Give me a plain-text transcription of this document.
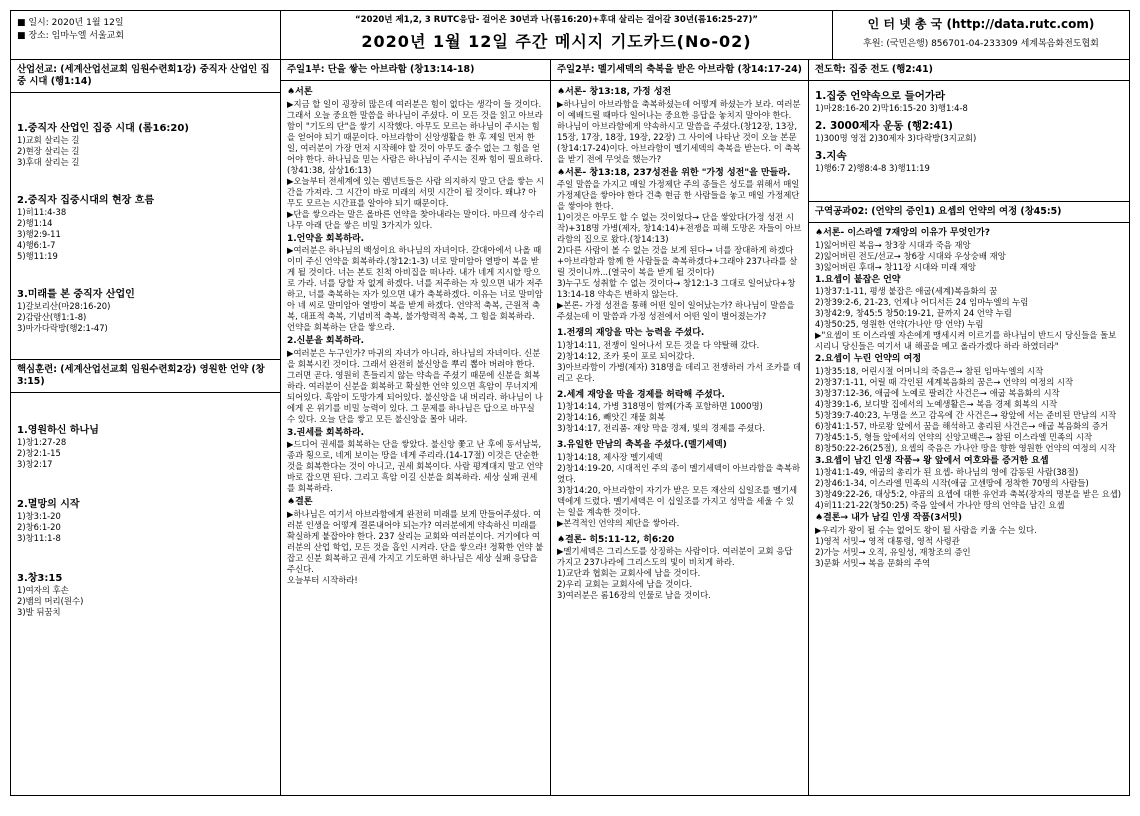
■ 일시: 2020년 1월 12일
■ 장소: 임마누엘 서울교회
“2020년 제1,2, 3 RUTC응답- 걸어온 30년과 나(롬16:20)+후대 살리는 걸어갈 30년(롬16:25-27)”
2020년 1월 12일 주간 메시지 기도카드(No-02)
인 터 넷 총 국 (http://data.rutc.com)
후원: (국민은행) 856701-04-233309 세계복음화전도협회
산업선교: (세계산업선교회 임원수련회1강) 중직자 산업인 집중 시대 (행1:14)
1.중직자 산업인 집중 시대 (롬16:20)
1)교회 살리는 길
2)현장 살리는 길
3)후대 살리는 길
2.중직자 집중시대의 현장 흐름
1)히11:4-38
2)행1:14
3)행2:9-11
4)행6:1-7
5)행11:19
3.미래를 본 중직자 산업인
1)갈보리산(마28:16-20)
2)감람산(행1:1-8)
3)마가다락방(행2:1-47)
핵심훈련: (세계산업선교회 임원수련회2강) 영원한 언약 (창3:15)
1.영원하신 하나님
1)창1:27-28
2)창2:1-15
3)창2:17
2.멸망의 시작
1)창3:1-20
2)창6:1-20
3)창11:1-8
3.창3:15
1)여자의 후손
2)뱀의 머리(원수)
3)발 뒤꿈치
주일1부: 단을 쌓는 아브라함 (창13:14-18)
♠서론
▶지금 할 일이 굉장히 많은데 여러분은 힘이 없다는 생각이 들 것이다. 그래서 오늘 중요한 말씀을 하나님이 주셨다. 이 모든 것을 읽고 아브라함이 "기도의 단"을 쌓기 시작했다. 아무도 모르는 하나님이 주시는 힘을 얻어야 되기 때문이다. 아브라함이 신앙생활을 한 후 제일 먼저 한 일, 여러분이 가장 먼저 시작해야 할 것이 아무도 줄수 없는 그 힘을 얻어야 한다. 하나님을 믿는 사람은 하나님이 주시는 진짜 힘이 필요하다.(창41:38, 삼상16:13)
▶오늘부터 전세계에 있는 렘넌트들은 사람 의지하지 말고 단을 쌓는 시간을 가져라. 그 시간이 바로 미래의 서밋 시간이 될 것이다. 왜냐? 아무도 모르는 시간표를 알아야 되기 때문이다.
▶단을 쌓으라는 말은 올바른 언약을 찾아내라는 말이다. 마므레 상수리 나무 아래 단을 쌓은 비밀 3가지가 있다.
1.언약을 회복하라.
▶여러분은 하나님의 백성이요 하나님의 자녀이다. 갈대아에서 나올 때 이미 주신 언약을 회복하라.(창12:1-3) 너로 말미암아 열방이 복을 받게 될 것이다. 너는 본토 친척 아비집을 떠나라. 내가 네게 지시할 땅으로 가라. 너를 당할 자 없게 하겠다. 너를 저주하는 자 있으면 내가 저주하고, 너를 축복하는 자가 있으면 내가 축복하겠다. 이유는 너로 말미암아 네 씨로 말미암아 열방이 복을 받게 하겠다. 언약적 축복, 근원적 축복, 대표적 축복, 기념비적 축복, 불가항력적 축복, 그 힘을 회복하라.
언약을 회복하는 단을 쌓으라.
2.신분을 회복하라.
▶여러분은 누구인가? 마귀의 자녀가 아니라, 하나님의 자녀이다. 신분을 회복시킨 것이다. 그래서 완전히 불신앙을 뿌리 뽑아 버려야 한다. 그러면 곧다. 영원히 흔들리지 않는 약속을 주셨기 때문에 신분을 회복하라. 여러분이 신분을 회복하고 확실한 언약 있으면 흑암이 무너지게 되어있다. 흑암이 도망가게 되어있다. 불신앙을 내 버리라. 하나님이 나에게 온 위기를 비밀 능력이 있다. 그 문제를 하나님은 답으로 바꾸실 수 있다. 오늘 단을 쌓고 모든 불신앙을 몰아 내라.
3.권세를 회복하라.
▶드디어 권세를 회복하는 단을 쌓았다. 불신앙 쫓고 난 후에 동서남북, 종과 횡으로, 네게 보이는 땅을 네게 주리라.(14-17절) 이것은 단순한 것을 회복한다는 것이 아니고, 권세 회복이다. 사람 평계대지 말고 언약 바로 잡으면 된다. 그리고 흑암 이길 신분을 회복하라. 세상 실패 권세를 회복하라.
♠결론
▶하나님은 여기서 아브라함에게 완전히 미래를 보게 만들어주셨다. 여러분 인생을 어떻게 결론내어야 되는가? 여러분에게 약속하신 미래를 확실하게 붙잡아야 한다. 237 살리는 교회와 여러분이다. 거기에다 여러분의 산업 학업, 모든 것을 흡인 시켜라. 단을 쌓으라! 정확한 언약 붙잡고 신분 회복하고 권세 가지고 기도하면 하나님은 세상 실패 응답을 주신다.
오늘부터 시작하라!
주일2부: 멜기세덱의 축복을 받은 아브라함 (창14:17-24)
♠서론- 창13:18, 가정 성전
▶하나님이 아브라함을 축복하셨는데 어떻게 하셨는가 보라. 여러분이 예배드릴 때마다 일어나는 중요한 응답을 놓치지 말아야 한다. 하나님이 아브라함에게 약속하시고 말씀을 주셨다.(창12장, 13장, 15장, 17장, 18장, 19장, 22장) 그 사이에 나타난 것이 오늘 본문(창14:17-24)이다. 아브라함이 멜기세덱의 축복을 받는다. 이 축복을 받기 전에 무엇을 했는가?
♠서론- 창13:18, 237성전을 위한 "가정 성전"을 만들라.
주일 말씀을 가지고 매일 가정제단 주의 종들은 성도를 위해서 매일 가정제단을 쌓아야 한다 건축 현금 한 사람들을 놓고 매일 가정제단을 쌓아야 한다.
1)이것은 아무도 할 수 없는 것이었다→ 단을 쌓았다(가정 성전 시작)+318명 가병(제자, 창14:14)+전쟁을 피해 도망온 자들이 아브라함의 집으로 왔다.(창14:13)
2)다른 사람이 볼 수 없는 것을 보게 된다→ 너를 장대하게 하겠다+아브라함과 함께 한 사람들을 축복하겠다+그래야 237나라를 살릴 것이니까...(열국이 복을 받게 될 것이다)
3)누구도 성취할 수 없는 것이다→ 창12:1-3 그대로 일어났다+창13:14-18 약속은 변하지 않는다.
▶본론- 가정 성전을 통해 어떤 일이 일어났는가? 하나님이 말씀을 주셨는데 이 말씀과 가정 성전에서 어떤 일이 벌어졌는가?
1.전쟁의 재앙을 막는 능력을 주셨다.
1)창14:11, 전쟁이 일어나서 모든 것을 다 약탈해 갔다.
2)창14:12, 조카 롯이 포로 되어갔다.
3)아브라함이 가병(제자) 318명을 데리고 전쟁하러 가서 조카를 데리고 온다.
2.세계 재앙을 막을 경제를 허락해 주셨다.
1)창14:14, 가병 318명이 함께(가족 포함하면 1000명)
2)창14:16, 빼앗긴 재물 회복
3)창14:17, 전리품- 재앙 막을 경제, 빛의 경제를 주셨다.
3.유일한 만남의 축복을 주셨다.(멜기세덱)
1)창14:18, 제사장 멜기세덱
2)창14:19-20, 시대적인 주의 종이 멜기세덱이 아브라함을 축복하였다.
3)창14:20, 아브라함이 자기가 받은 모든 재산의 십일조를 멜기세덱에게 드렸다. 멜기세덱은 이 십일조를 가지고 성막을 세울 수 있는 일을 계속한 것이다.
▶본격적인 언약의 제단을 쌓아라.
♠결론- 히5:11-12, 히6:20
▶멜기세덱은 그리스도를 상징하는 사람이다. 여러분이 교회 응답 가지고 237나라에 그리스도의 빛이 비치게 하라.
1)교단과 협회는 교회사에 남을 것이다.
2)우리 교회는 교회사에 남을 것이다.
3)여러분은 롬16장의 인물로 남을 것이다.
전도학: 집중 전도 (행2:41)
1.집중 언약속으로 들어가라
1)마28:16-20 2)막16:15-20 3)행1:4-8
2. 3000제자 운동 (행2:41)
1)300명 영접 2)30제자 3)다락방(3지교회)
3.지속
1)행6:7 2)행8:4-8 3)행11:19
구역공과02: (언약의 증인1) 요셉의 언약의 여정 (창45:5)
♠서론- 이스라엘 7재앙의 이유가 무엇인가?
1)잃어버린 복음→ 창3장 시대과 죽음 재앙
2)잃어버린 전도/선교→ 창6장 시대와 우상숭배 재앙
3)잃어버린 후대→ 창11장 시대와 미래 재앙
1.요셉이 붙잡은 언약
1)창37:1-11, 평생 붙잡은 애굽(세계)복음화의 꿈
2)창39:2-6, 21-23, 언제나 어디서든 24 임마누엘의 누림
3)창42:9, 창45:5 창50:19-21, 끝까지 24 언약 누림
4)창50:25, 영원한 언약(가나안 땅 언약) 누림
▶"요셉이 또 이스라엘 자손에게 맹세시켜 이르기를 하나님이 반드시 당신들을 돌보시리니 당신들은 여기서 내 해골을 메고 올라가겠다 하라 하였더라"
2.요셉이 누린 언약의 여정
1)창35:18, 어린시절 어머니의 죽음은→ 참된 임마누엘의 시작
2)창37:1-11, 어릴 때 각인된 세계복음화의 꿈은→ 언약의 여정의 시작
3)창37:12-36, 애굽에 노예로 팔려간 사건은→ 애굽 복음화의 시작
4)창39:1-6, 보디발 집에서의 노예생활은→ 복음 경제 회복의 시작
5)창39:7-40:23, 누명을 쓰고 감옥에 간 사건은→ 왕앞에 서는 준비된 만남의 시작
6)창41:1-57, 바로왕 앞에서 꿈을 해석하고 총리된 사건은→ 애굽 복음화의 증거
7)창45:1-5, 형들 앞에서의 언약의 신앙고백은→ 참된 이스라엘 민족의 시작
8)창50:22-26(25절), 요셉의 죽음은 가나안 땅을 향한 영원한 언약의 여정의 시작
3.요셉이 남긴 인생 작품→ 왕 앞에서 여호와를 증거한 요셉
1)창41:1-49, 애굽의 총리가 된 요셉- 하나님의 영에 감동된 사람(38절)
2)창46:1-34, 이스라엘 민족의 시작(애굽 고센땅에 정착한 70명의 사람들)
3)창49:22-26, 대상5:2, 야곱의 요셉에 대한 유언과 축복(장자의 명분을 받은 요셉)
4)히11:21-22(창50:25) 죽음 앞에서 가나안 땅의 언약을 남긴 요셉
♠결론→ 내가 남길 인생 작품(3서밋)
▶우리가 왕이 될 수는 없어도 왕이 될 사람을 키울 수는 있다.
1)영적 서밋→ 영적 대통령, 영적 사령관
2)가능 서밋→ 오직, 유일성, 재창조의 증인
3)문화 서밋→ 복음 문화의 주역
